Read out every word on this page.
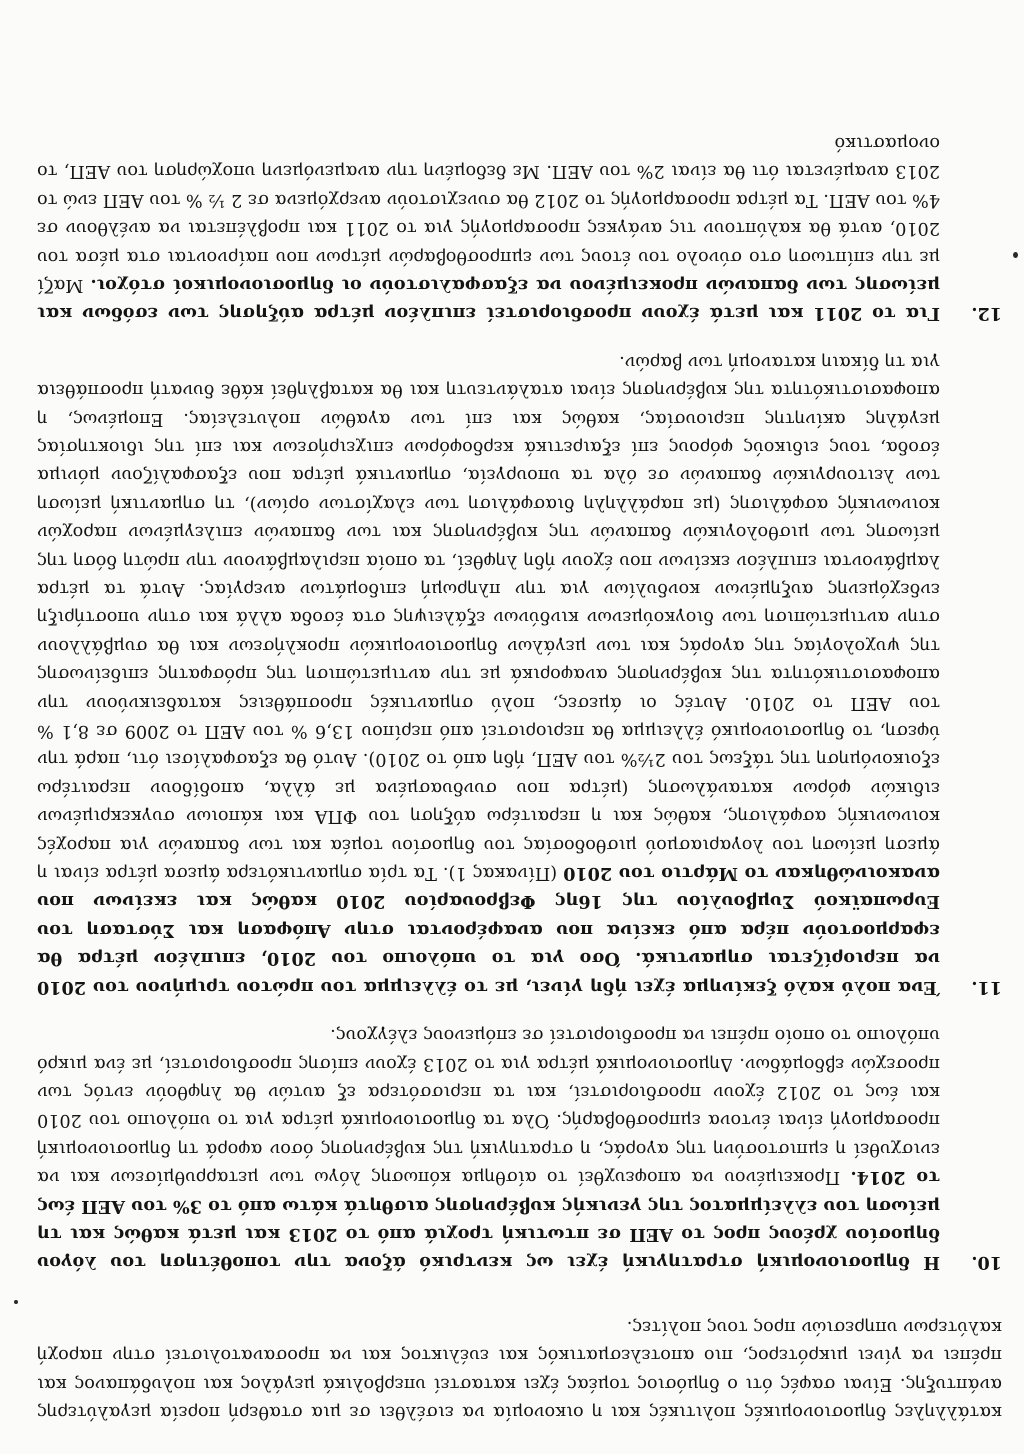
κατάλληλες δημοσιονομικές πολιτικές και η οικονομία να εισέλθει σε μια σταθερή πορεία μεγαλύτερης ανάπτυξης. Είναι σαφές ότι ο δημόσιος τομέας έχει καταστεί υπερβολικά μεγάλος και πολυδάπανος και πρέπει να γίνει μικρότερος, πιο αποτελεσματικός και ευέλικτος και να προσανατολιστεί στην παροχή καλύτερων υπηρεσιών προς τους πολίτες.

10.Η δημοσιονομική στρατηγική έχει ως κεντρικό άξονα την τοποθέτηση του λόγου δημοσίου χρέους προς το ΑΕΠ σε πτωτική τροχιά από το 2013 και μετά καθώς και τη μείωση του ελλείμματος της γενικής κυβέρνησης αισθητά κάτω από το 3% του ΑΕΠ έως το 2014. Προκειμένου να αποφευχθεί το αίσθημα κόπωσης λόγω των μεταρρυθμίσεων και να ενισχυθεί η εμπιστοσύνη της αγοράς, η στρατηγική της κυβέρνησης όσον αφορά τη δημοσιονομική προσαρμογή είναι έντονα εμπροσθοβαρής. Όλα τα δημοσιονομικά μέτρα για το υπόλοιπο του 2010 και έως το 2012 έχουν προσδιοριστεί, και τα περισσότερα εξ αυτών θα ληφθούν εντός των προσεχών εβδομάδων. Δημοσιονομικά μέτρα για το 2013 έχουν επίσης προσδιοριστεί, με ένα μικρό υπόλοιπο το οποίο πρέπει να προσδιοριστεί σε επόμενους ελέγχους.

11.Ένα πολύ καλό ξεκίνημα έχει ήδη γίνει, με το έλλειμμα του πρώτου τριμήνου του 2010 να περιορίζεται σημαντικά. Όσο για το υπόλοιπο του 2010, επιπλέον μέτρα θα εφαρμοστούν πέρα από εκείνα που αναφέρονται στην Απόφαση και Σύσταση του Ευρωπαϊκού Συμβουλίου της 16ης Φεβρουαρίου 2010 καθώς και εκείνων που ανακοινώθηκαν το Μάρτιο του 2010 (Πίνακας 1). Τα τρία σημαντικότερα άμεσα μέτρα είναι η άμεση μείωση του λογαριασμού μισθοδοσίας του δημοσίου τομέα και των δαπανών για παροχές κοινωνικής ασφάλισης, καθώς και η περαιτέρω αύξηση του ΦΠΑ και κάποιων συγκεκριμένων ειδικών φόρων κατανάλωσης (μέτρα που συνδυασμένα με άλλα, αποδίδουν περαιτέρω εξοικονόμηση της τάξεως του 2½% του ΑΕΠ, ήδη από το 2010). Αυτό θα εξασφαλίσει ότι, παρά την ύφεση, το δημοσιονομικό έλλειμμα θα περιοριστεί από περίπου 13,6 % του ΑΕΠ το 2009 σε 8,1 % του ΑΕΠ το 2010. Αυτές οι άμεσες, πολύ σημαντικές προσπάθειες καταδεικνύουν την αποφασιστικότητα της κυβέρνησης αναφορικά με την αντιμετώπιση της πρόσφατης επιδείνωσης της ψυχολογίας της αγοράς και των μεγάλων δημοσιονομικών προκλήσεων και θα συμβάλλουν στην αντιμετώπιση των διογκούμενων κινδύνων εξάλειψης στα έσοδα αλλά και στην υποστήριξη ενδεχόμενης αυξημένων κονδυλίων για την πληρωμή επιδομάτων ανεργίας. Αυτά τα μέτρα λαμβάνονται επιπλέον εκείνων που έχουν ήδη ληφθεί, τα οποία περιλαμβάνουν την πρώτη δόση της μείωσης των μισθολογικών δαπανών της κυβέρνησης και των δαπανών επιλεγμένων παροχών κοινωνικής ασφάλισης (με παράλληλη διασφάλιση των ελαχίστων ορίων), τη σημαντική μείωση των λειτουργικών δαπανών σε όλα τα υπουργεία, σημαντικά μέτρα που εξασφαλίζουν μόνιμα έσοδα, τους ειδικούς φόρους επί εξαιρετικά κερδοφόρων επιχειρήσεων και επί της ιδιοκτησίας μεγάλης ακίνητης περιουσίας, καθώς και επί των αγαθών πολυτελείας. Επομένως, η αποφασιστικότητα της κυβέρνησης είναι αταλάντευτη και θα καταβληθεί κάθε δυνατή προσπάθεια για τη δίκαιη κατανομή των βαρών.

12.Για το 2011 και μετά έχουν προσδιοριστεί επιπλέον μέτρα αύξησης των εσόδων και μείωσης των δαπανών προκειμένου να εξασφαλιστούν οι δημοσιονομικοί στόχοι. Μαζί με την επίπτωση στο σύνολο του έτους των εμπροσθοβαρών μέτρων που παίρνονται στα μέσα του 2010, αυτά θα καλύπτουν τις ανάγκες προσαρμογής για το 2011 και προβλέπεται να ανέλθουν σε 4% του ΑΕΠ. Τα μέτρα προσαρμογής το 2012 θα συνεχιστούν ανερχόμενα σε 2 ½ % του ΑΕΠ ενώ το 2013 αναμένεται ότι θα είναι 2% του ΑΕΠ. Με δεδομένη την αναμενόμενη υποχώρηση του ΑΕΠ, το ονομαστικό
